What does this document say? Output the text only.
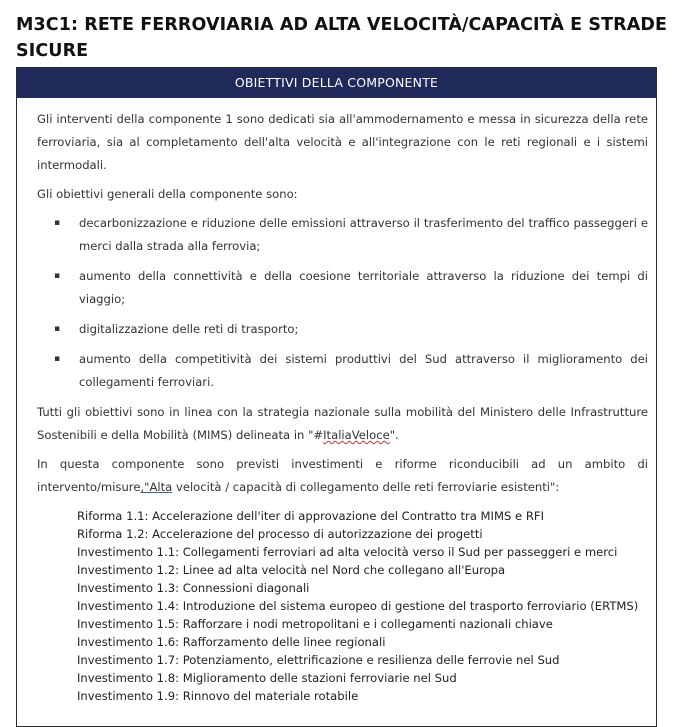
M3C1: RETE FERROVIARIA AD ALTA VELOCITÀ/CAPACITÀ E STRADE SICURE
OBIETTIVI DELLA COMPONENTE

Gli interventi della componente 1 sono dedicati sia all'ammodernamento e messa in sicurezza della rete ferroviaria, sia al completamento dell'alta velocità e all'integrazione con le reti regionali e i sistemi intermodali.

Gli obiettivi generali della componente sono:

▪ decarbonizzazione e riduzione delle emissioni attraverso il trasferimento del traffico passeggeri e merci dalla strada alla ferrovia;
▪ aumento della connettività e della coesione territoriale attraverso la riduzione dei tempi di viaggio;
▪ digitalizzazione delle reti di trasporto;
▪ aumento della competitività dei sistemi produttivi del Sud attraverso il miglioramento dei collegamenti ferroviari.

Tutti gli obiettivi sono in linea con la strategia nazionale sulla mobilità del Ministero delle Infrastrutture Sostenibili e della Mobilità (MIMS) delineata in "#ItaliaVeloce".

In questa componente sono previsti investimenti e riforme riconducibili ad un ambito di intervento/misure,"Alta velocità / capacità di collegamento delle reti ferroviarie esistenti":

Riforma 1.1: Accelerazione dell'iter di approvazione del Contratto tra MIMS e RFI
Riforma 1.2: Accelerazione del processo di autorizzazione dei progetti
Investimento 1.1: Collegamenti ferroviari ad alta velocità verso il Sud per passeggeri e merci
Investimento 1.2: Linee ad alta velocità nel Nord che collegano all'Europa
Investimento 1.3: Connessioni diagonali
Investimento 1.4: Introduzione del sistema europeo di gestione del trasporto ferroviario (ERTMS)
Investimento 1.5: Rafforzare i nodi metropolitani e i collegamenti nazionali chiave
Investimento 1.6: Rafforzamento delle linee regionali
Investimento 1.7: Potenziamento, elettrificazione e resilienza delle ferrovie nel Sud
Investimento 1.8: Miglioramento delle stazioni ferroviarie nel Sud
Investimento 1.9: Rinnovo del materiale rotabile
